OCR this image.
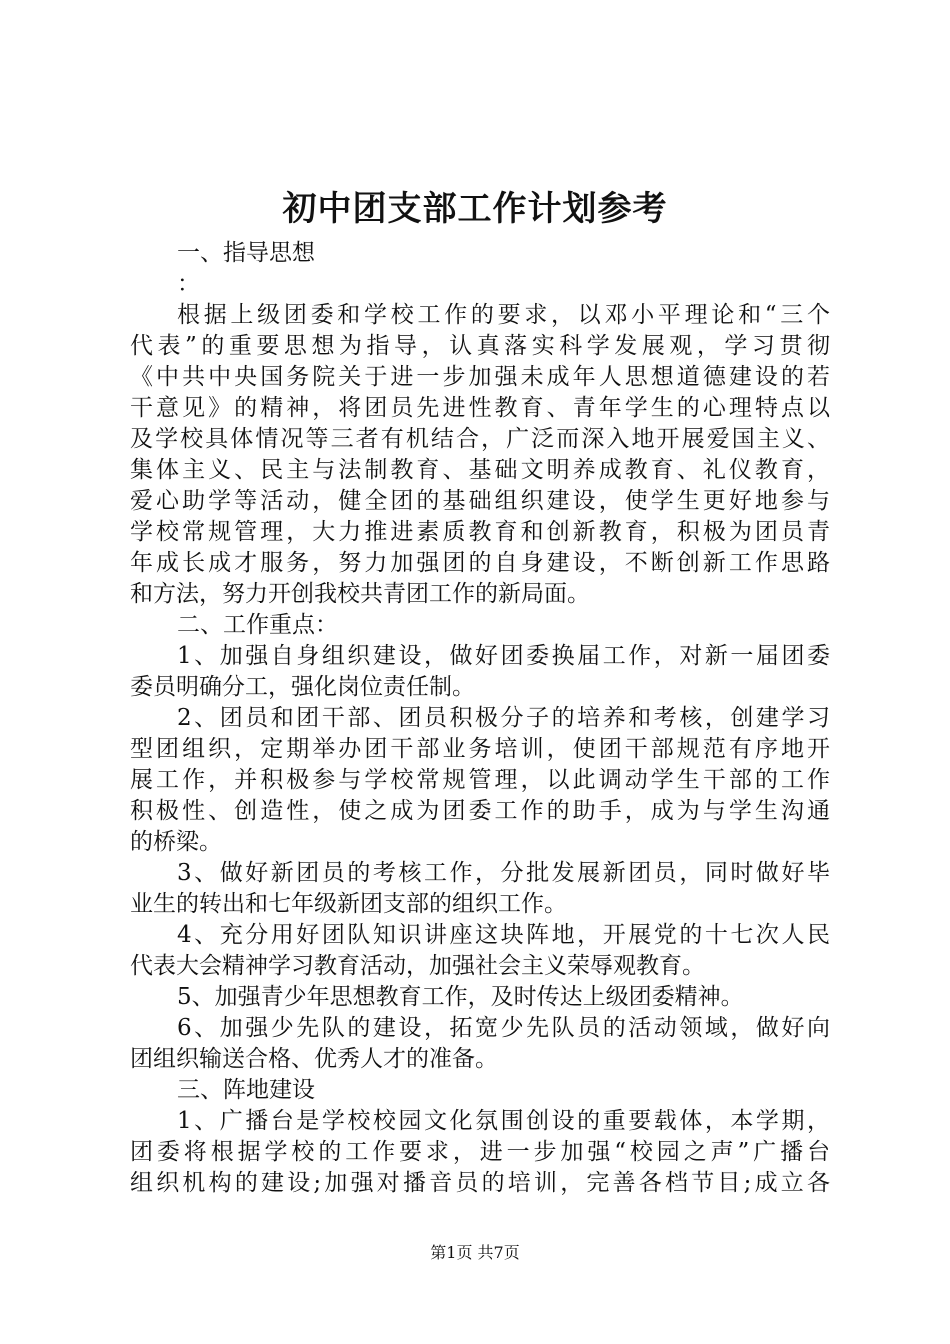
初中团支部工作计划参考
一、指导思想
：
根据上级团委和学校工作的要求，以邓小平理论和“三个
代表”的重要思想为指导，认真落实科学发展观，学习贯彻
《中共中央国务院关于进一步加强未成年人思想道德建设的若
干意见》的精神，将团员先进性教育、青年学生的心理特点以
及学校具体情况等三者有机结合，广泛而深入地开展爱国主义、
集体主义、民主与法制教育、基础文明养成教育、礼仪教育，
爱心助学等活动，健全团的基础组织建设，使学生更好地参与
学校常规管理，大力推进素质教育和创新教育，积极为团员青
年成长成才服务，努力加强团的自身建设，不断创新工作思路
和方法，努力开创我校共青团工作的新局面。
二、工作重点：
1、加强自身组织建设，做好团委换届工作，对新一届团委
委员明确分工，强化岗位责任制。
2、团员和团干部、团员积极分子的培养和考核，创建学习
型团组织，定期举办团干部业务培训，使团干部规范有序地开
展工作，并积极参与学校常规管理，以此调动学生干部的工作
积极性、创造性，使之成为团委工作的助手，成为与学生沟通
的桥梁。
3、做好新团员的考核工作，分批发展新团员，同时做好毕
业生的转出和七年级新团支部的组织工作。
4、充分用好团队知识讲座这块阵地，开展党的十七次人民
代表大会精神学习教育活动，加强社会主义荣辱观教育。
5、加强青少年思想教育工作，及时传达上级团委精神。
6、加强少先队的建设，拓宽少先队员的活动领域，做好向
团组织输送合格、优秀人才的准备。
三、阵地建设
1、广播台是学校校园文化氛围创设的重要载体，本学期，
团委将根据学校的工作要求，进一步加强“校园之声”广播台
组织机构的建设;加强对播音员的培训，完善各档节目;成立各
第1页 共7页
